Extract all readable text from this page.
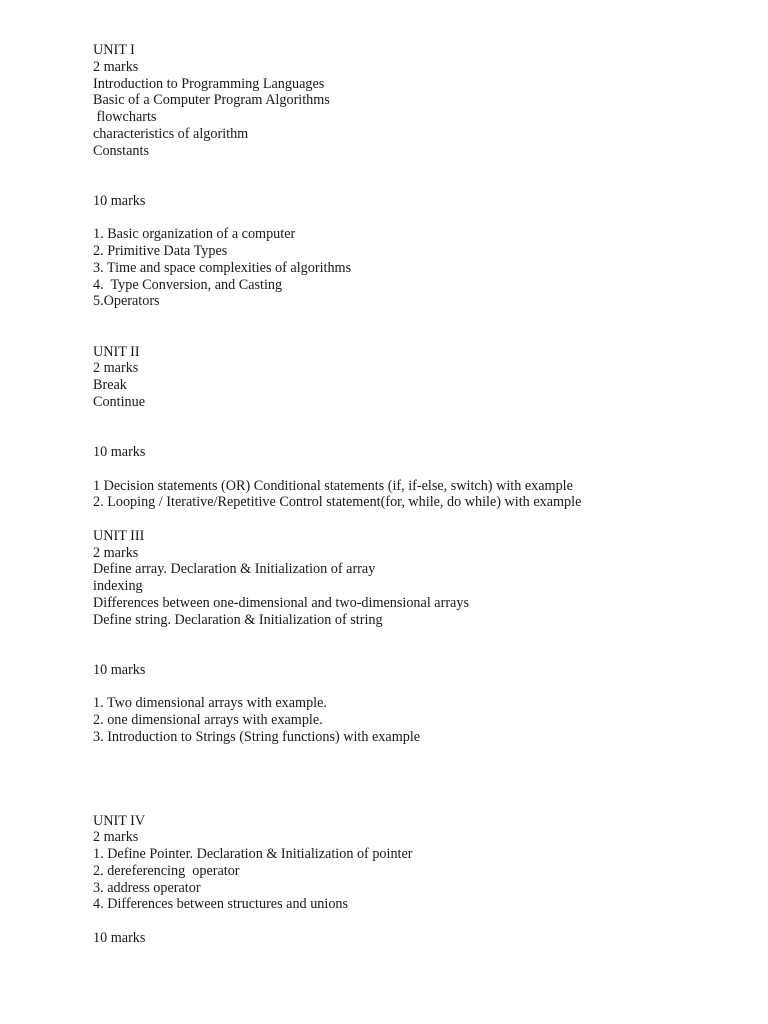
UNIT I
2 marks
Introduction to Programming Languages
Basic of a Computer Program Algorithms
flowcharts
characteristics of algorithm
Constants
10 marks
1. Basic organization of a computer
2. Primitive Data Types
3. Time and space complexities of algorithms
4.  Type Conversion, and Casting
5.Operators
UNIT II
2 marks
Break
Continue
10 marks
1 Decision statements (OR) Conditional statements (if, if-else, switch) with example
2. Looping / Iterative/Repetitive Control statement(for, while, do while) with example
UNIT III
2 marks
Define array. Declaration & Initialization of array
indexing
Differences between one-dimensional and two-dimensional arrays
Define string. Declaration & Initialization of string
10 marks
1. Two dimensional arrays with example.
2. one dimensional arrays with example.
3. Introduction to Strings (String functions) with example
UNIT IV
2 marks
1. Define Pointer. Declaration & Initialization of pointer
2. dereferencing  operator
3. address operator
4. Differences between structures and unions
10 marks
